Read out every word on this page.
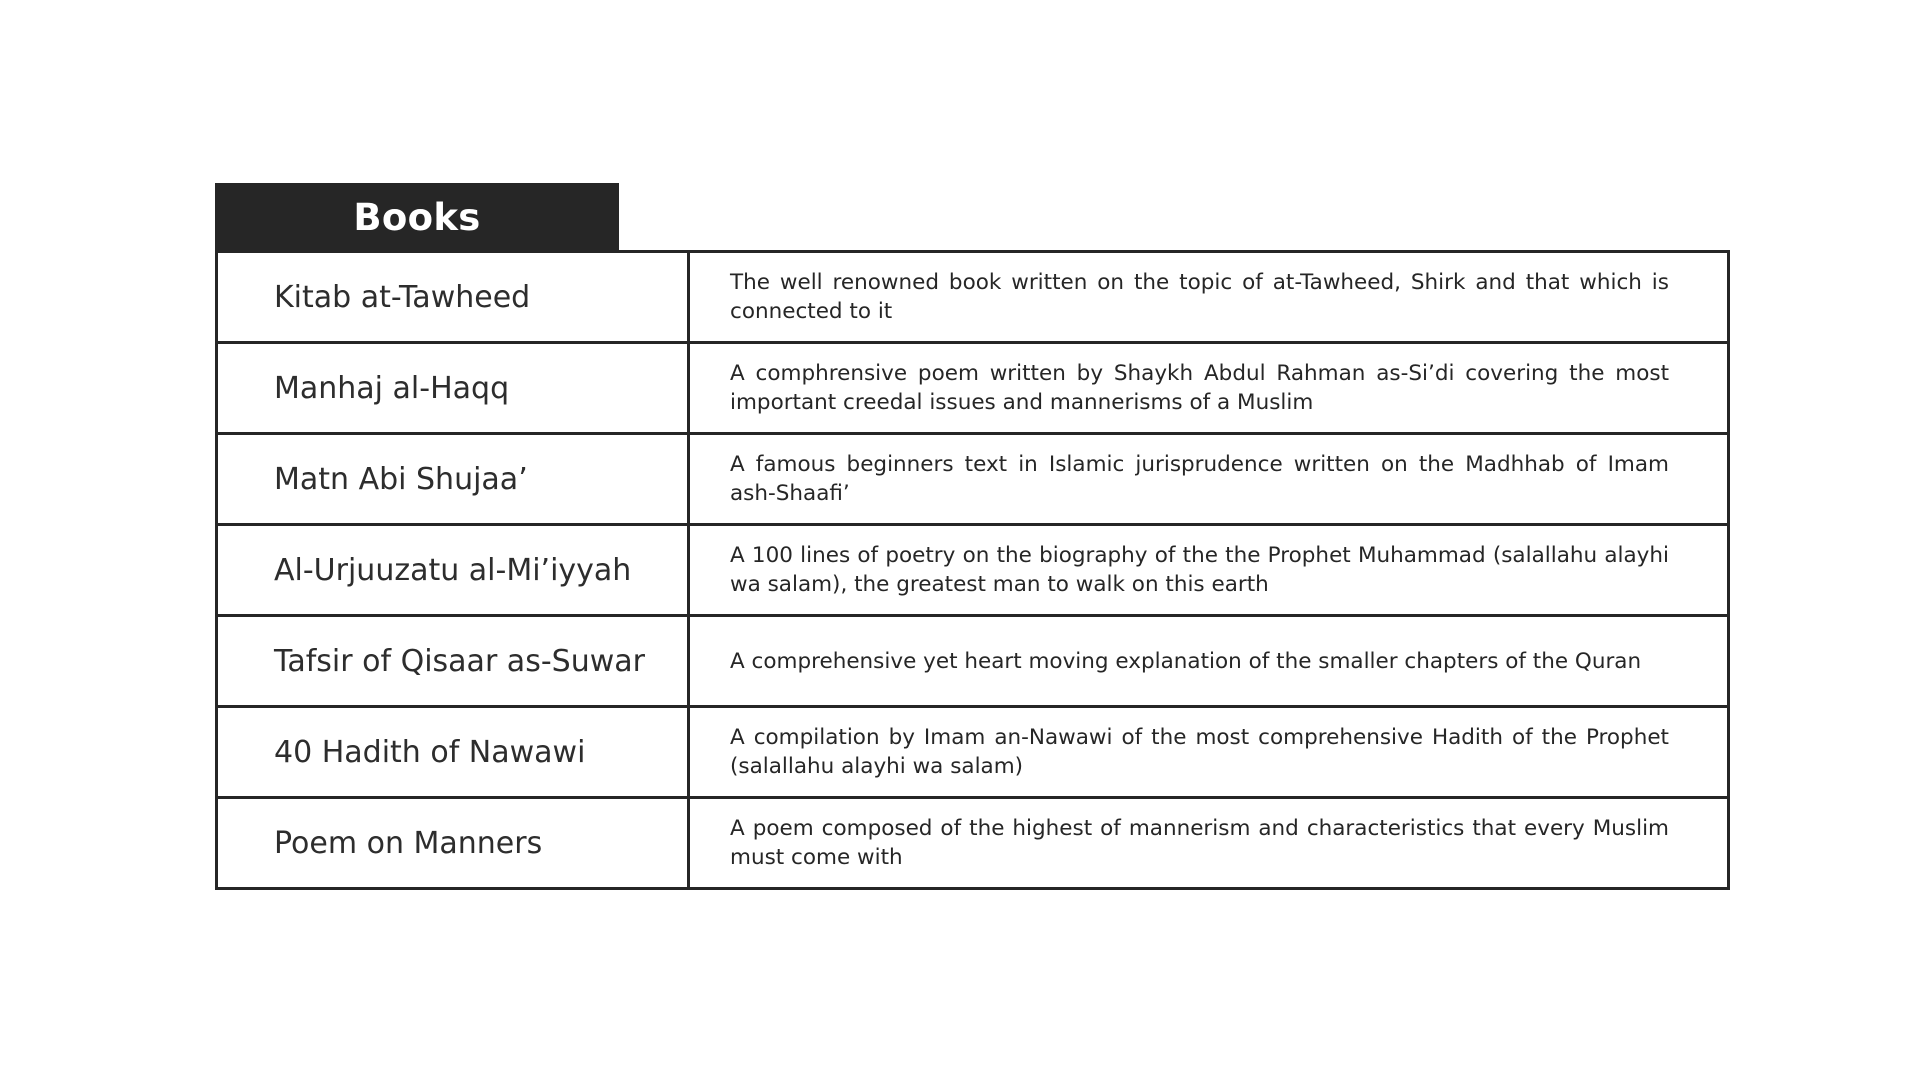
Books
Kitab at-Tawheed	The well renowned book written on the topic of at-Tawheed, Shirk and that which is connected to it
Manhaj al-Haqq	A comphrensive poem written by Shaykh Abdul Rahman as-Si’di covering the most important creedal issues and mannerisms of a Muslim
Matn Abi Shujaa’	A famous beginners text in Islamic jurisprudence written on the Madhhab of Imam ash-Shaafi’
Al-Urjuuzatu al-Mi’iyyah	A 100 lines of poetry on the biography of the the Prophet Muhammad (salallahu alayhi wa salam), the greatest man to walk on this earth
Tafsir of Qisaar as-Suwar	A comprehensive yet heart moving explanation of the smaller chapters of the Quran
40 Hadith of Nawawi	A compilation by Imam an-Nawawi of the most comprehensive Hadith of the Prophet (salallahu alayhi wa salam)
Poem on Manners	A poem composed of the highest of mannerism and characteristics that every Muslim must come with
